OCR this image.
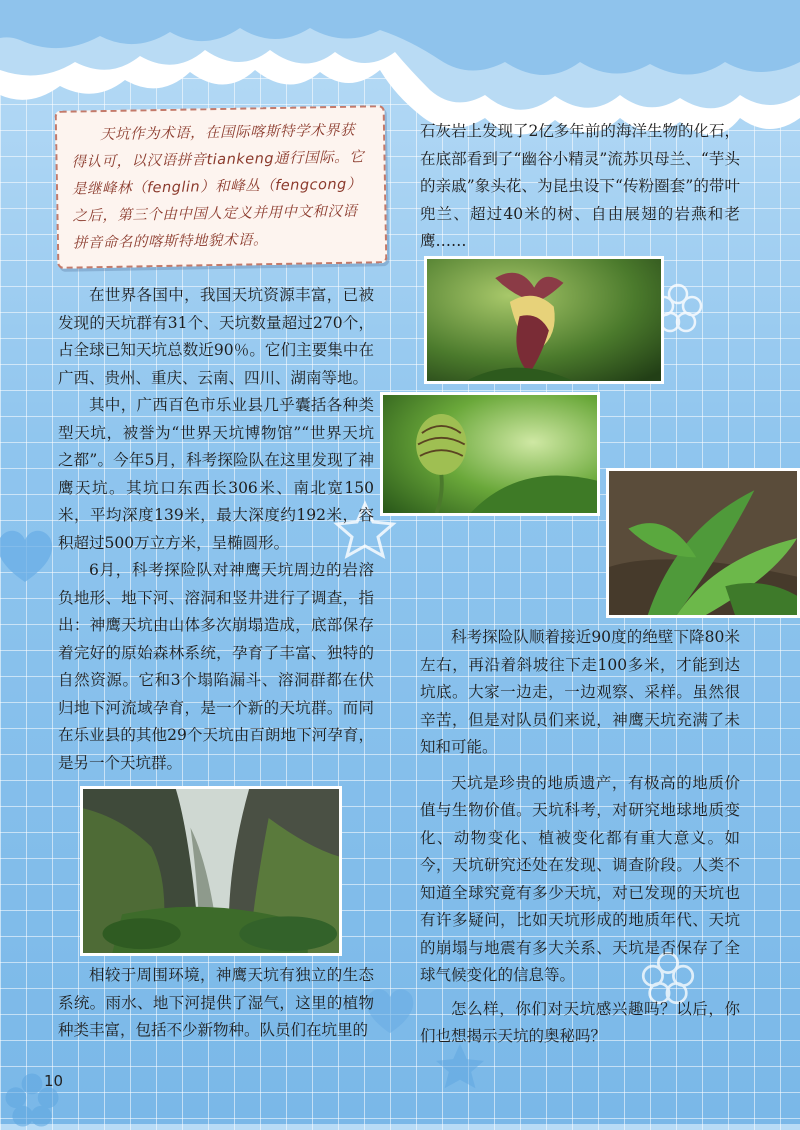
天坑作为术语，在国际喀斯特学术界获得认可，以汉语拼音tiankeng通行国际。它是继峰林（fenglin）和峰丛（fengcong）之后，第三个由中国人定义并用中文和汉语拼音命名的喀斯特地貌术语。

在世界各国中，我国天坑资源丰富，已被发现的天坑群有31个、天坑数量超过270个，占全球已知天坑总数近90％。它们主要集中在广西、贵州、重庆、云南、四川、湖南等地。

其中，广西百色市乐业县几乎囊括各种类型天坑，被誉为“世界天坑博物馆”“世界天坑之都”。今年5月，科考探险队在这里发现了神鹰天坑。其坑口东西长306米、南北宽150米，平均深度139米，最大深度约192米，容积超过500万立方米，呈椭圆形。

6月，科考探险队对神鹰天坑周边的岩溶负地形、地下河、溶洞和竖井进行了调查，指出：神鹰天坑由山体多次崩塌造成，底部保存着完好的原始森林系统，孕育了丰富、独特的自然资源。它和3个塌陷漏斗、溶洞群都在伏归地下河流域孕育，是一个新的天坑群。而同在乐业县的其他29个天坑由百朗地下河孕育，是另一个天坑群。

相较于周围环境，神鹰天坑有独立的生态系统。雨水、地下河提供了湿气，这里的植物种类丰富，包括不少新物种。队员们在坑里的

石灰岩上发现了2亿多年前的海洋生物的化石，在底部看到了“幽谷小精灵”流苏贝母兰、“芋头的亲戚”象头花、为昆虫设下“传粉圈套”的带叶兜兰、超过40米的树、自由展翅的岩燕和老鹰……

科考探险队顺着接近90度的绝壁下降80米左右，再沿着斜坡往下走100多米，才能到达坑底。大家一边走，一边观察、采样。虽然很辛苦，但是对队员们来说，神鹰天坑充满了未知和可能。

天坑是珍贵的地质遗产，有极高的地质价值与生物价值。天坑科考，对研究地球地质变化、动物变化、植被变化都有重大意义。如今，天坑研究还处在发现、调查阶段。人类不知道全球究竟有多少天坑，对已发现的天坑也有许多疑问，比如天坑形成的地质年代、天坑的崩塌与地震有多大关系、天坑是否保存了全球气候变化的信息等。

怎么样，你们对天坑感兴趣吗？以后，你们也想揭示天坑的奥秘吗？

10
